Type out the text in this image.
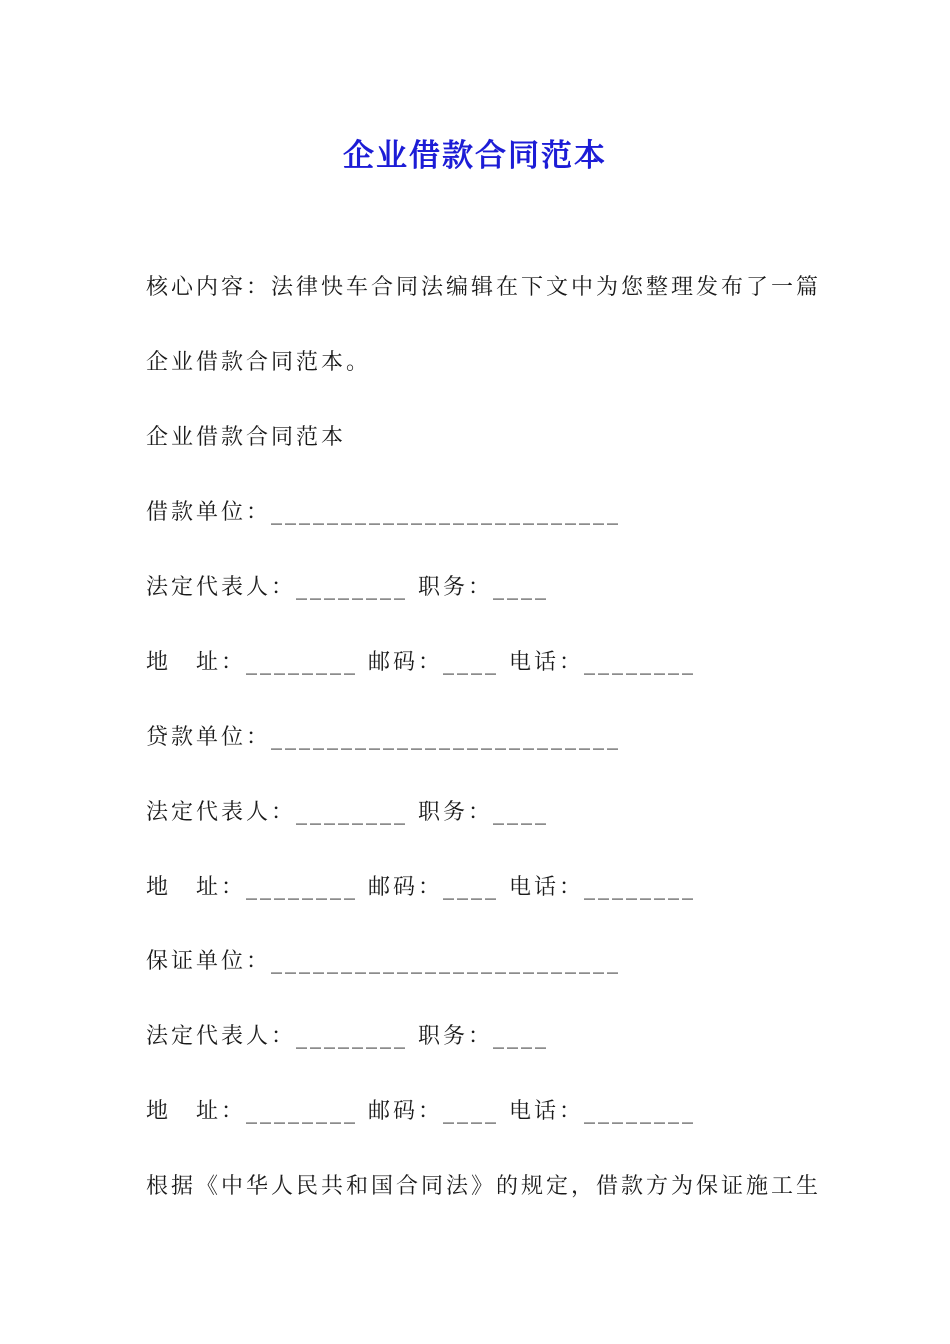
企业借款合同范本
核心内容：法律快车合同法编辑在下文中为您整理发布了一篇
企业借款合同范本。
企业借款合同范本
借款单位：_________________________
法定代表人：________ 职务：____
地　址：________ 邮码：____ 电话：________
贷款单位：_________________________
法定代表人：________ 职务：____
地　址：________ 邮码：____ 电话：________
保证单位：_________________________
法定代表人：________ 职务：____
地　址：________ 邮码：____ 电话：________
根据《中华人民共和国合同法》的规定，借款方为保证施工生
